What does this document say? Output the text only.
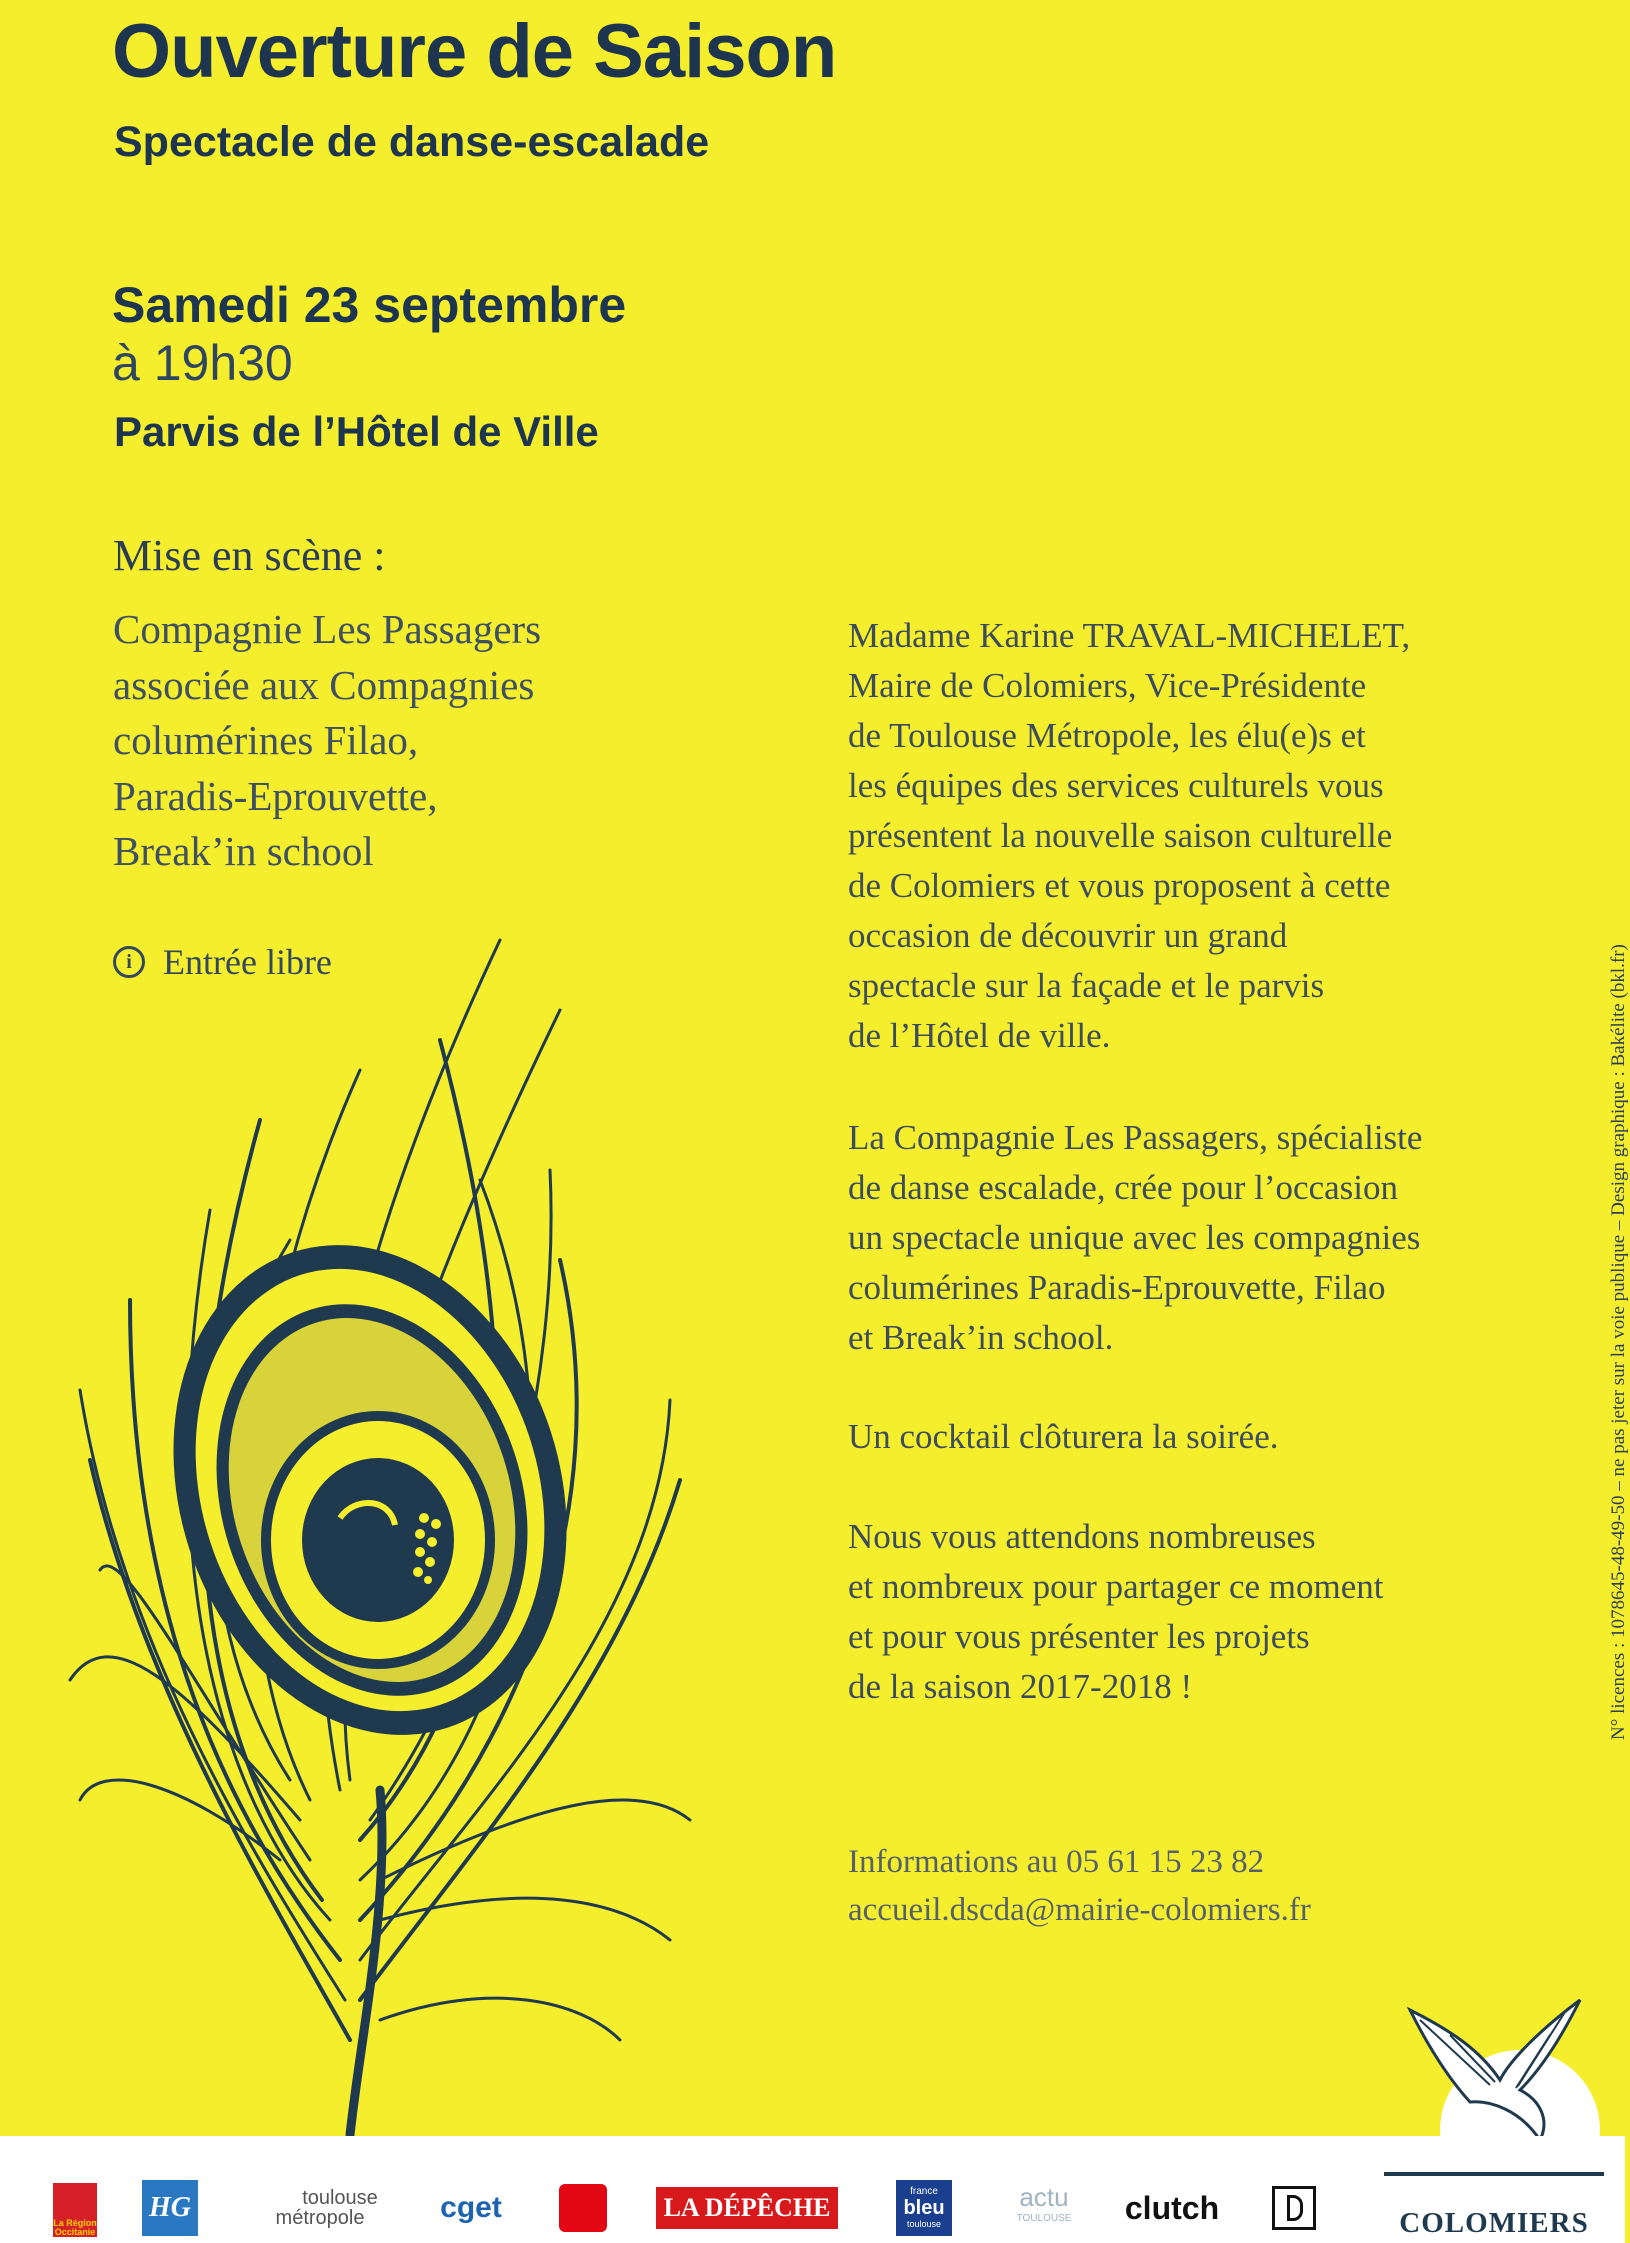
Ouverture de Saison
Spectacle de danse-escalade
Samedi 23 septembre
à 19h30
Parvis de l’Hôtel de Ville
Mise en scène :
Compagnie Les Passagers
associée aux Compagnies
columérines Filao,
Paradis-Eprouvette,
Break’in school
i Entrée libre
Madame Karine TRAVAL-MICHELET,
Maire de Colomiers, Vice-Présidente
de Toulouse Métropole, les élu(e)s et
les équipes des services culturels vous
présentent la nouvelle saison culturelle
de Colomiers et vous proposent à cette
occasion de découvrir un grand
spectacle sur la façade et le parvis
de l’Hôtel de ville.
La Compagnie Les Passagers, spécialiste
de danse escalade, crée pour l’occasion
un spectacle unique avec les compagnies
columérines Paradis-Eprouvette, Filao
et Break’in school.
Un cocktail clôturera la soirée.
Nous vous attendons nombreuses
et nombreux pour partager ce moment
et pour vous présenter les projets
de la saison 2017-2018 !
Informations au 05 61 15 23 82
accueil.dscda@mairie-colomiers.fr
N° licences : 1078645-48-49-50 – ne pas jeter sur la voie publique – Design graphique : Bakélite (bkl.fr)
La Région Occitanie
HG	toulouse
métropole	cget	LA DÉPÊCHE
france
bleu
toulouse
actu
TOULOUSE clutch	COLOMIERS
